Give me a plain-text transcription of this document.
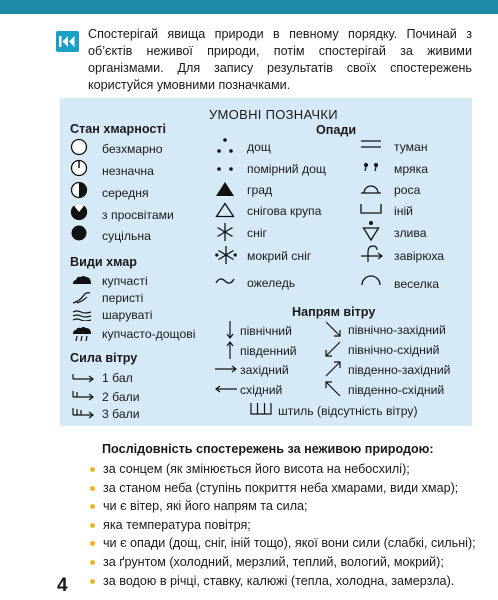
Спостерігай явища природи в певному порядку. Починай з об’єктів неживої природи, потім спостерігай за живими організмами. Для запису результатів своїх спостережень користуйся умовними позначками.

УМОВНІ ПОЗНАЧКИ
Стан хмарності
безхмарно
незначна
середня
з просвітами
суцільна
Види хмар
купчасті
перисті
шаруваті
купчасто-дощові
Сила вітру
1 бал
2 бали
3 бали
Опади
дощ
помірний дощ
град
снігова крупа
сніг
мокрий сніг
ожеледь
туман
мряка
роса
іній
злива
завірюха
веселка
Напрям вітру
північний
південний
західний
східний
північно-західний
північно-східний
південно-західний
південно-східний
штиль (відсутність вітру)
Послідовність спостережень за неживою природою:
за сонцем (як змінюється його висота на небосхилі);
за станом неба (ступінь покриття неба хмарами, види хмар);
чи є вітер, які його напрям та сила;
яка температура повітря;
чи є опади (дощ, сніг, іній тощо), якої вони сили (слабкі, сильні);
за ґрунтом (холодний, мерзлий, теплий, вологий, мокрий);
за водою в річці, ставку, калюжі (тепла, холодна, замерзла).
4
